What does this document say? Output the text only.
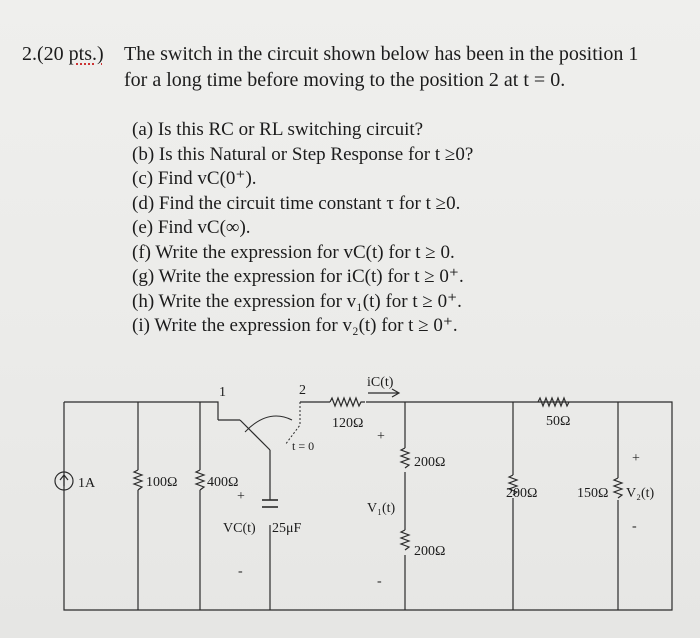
2.(20 pts.) The switch in the circuit shown below has been in the position 1
for a long time before moving to the position 2 at t = 0.
(a) Is this RC or RL switching circuit?
(b) Is this Natural or Step Response for t ≥0?
(c) Find vC(0⁺).
(d) Find the circuit time constant τ for t ≥0.
(e) Find vC(∞).
(f) Write the expression for vC(t) for t ≥ 0.
(g) Write the expression for iC(t) for t ≥ 0⁺.
(h) Write the expression for v₁(t) for t ≥ 0⁺.
(i) Write the expression for v₂(t) for t ≥ 0⁺.
1A	100Ω 400Ω
1	2
t = 0
+
VC(t) 25μF
-
120Ω
iC(t)
200Ω
+
V₁(t)
-
200Ω
200Ω
50Ω
150Ω
+
V₂(t)
-
